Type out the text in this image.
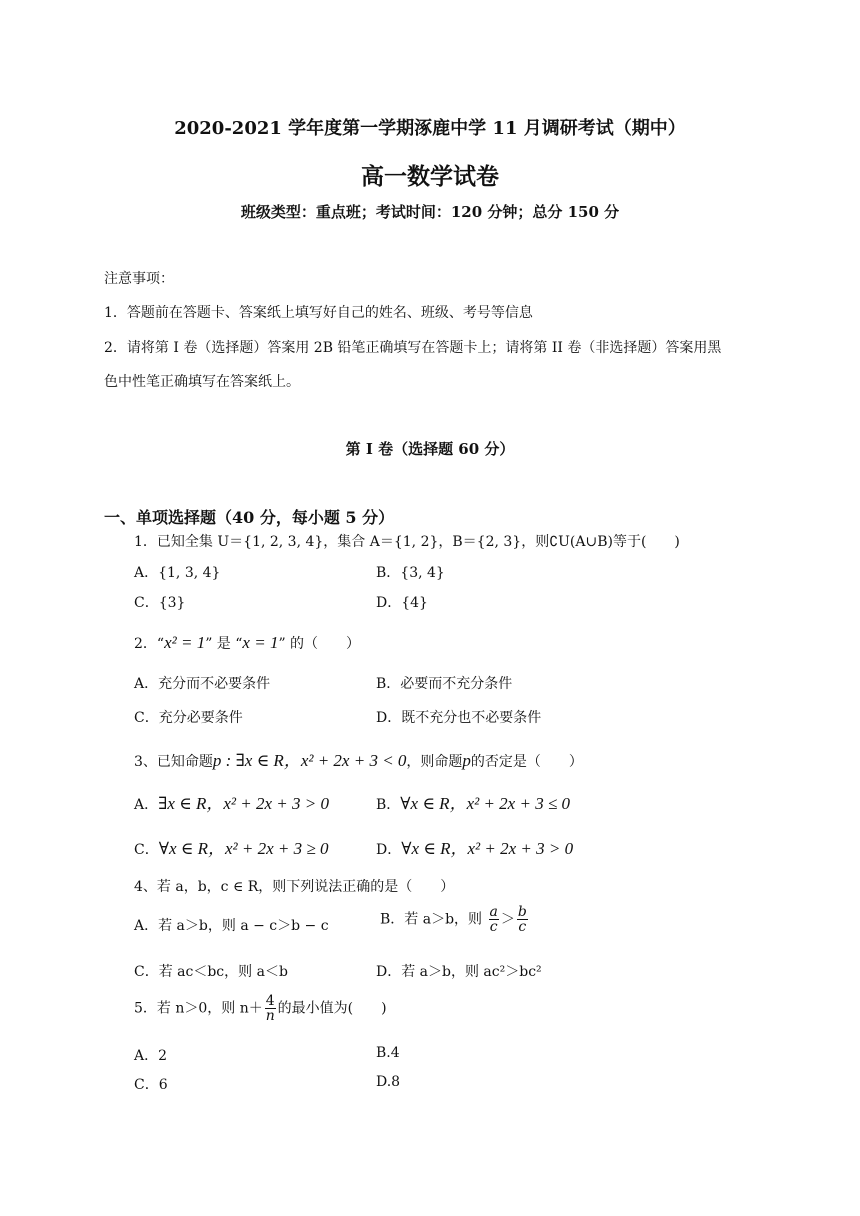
2020-2021 学年度第一学期涿鹿中学 11 月调研考试（期中）
高一数学试卷
班级类型：重点班；考试时间：120 分钟；总分 150 分
注意事项：
1．答题前在答题卡、答案纸上填写好自己的姓名、班级、考号等信息
2．请将第 I 卷（选择题）答案用 2B 铅笔正确填写在答题卡上；请将第 II 卷（非选择题）答案用黑
色中性笔正确填写在答案纸上。
第 I 卷（选择题 60 分）
一、单项选择题（40 分，每小题 5 分）
1．已知全集 U＝{1, 2, 3, 4}，集合 A＝{1, 2}，B＝{2, 3}，则∁U(A∪B)等于(　　)
A．{1, 3, 4}	B．{3, 4}
C．{3}	D．{4}
2．“x² = 1” 是 “x = 1” 的（　　）
A．充分而不必要条件	B．必要而不充分条件
C．充分必要条件	D．既不充分也不必要条件
3、已知命题p : ∃x ∈ R，x² + 2x + 3 < 0，则命题p的否定是（　　）
A．∃x ∈ R，x² + 2x + 3 > 0	B．∀x ∈ R，x² + 2x + 3 ≤ 0
C．∀x ∈ R，x² + 2x + 3 ≥ 0	D．∀x ∈ R，x² + 2x + 3 > 0
4、若 a，b，c ∈ R，则下列说法正确的是（　　）
A．若 a＞b，则 a − c＞b − c	B．若 a＞b，则 $\frac{a}{c} > \frac{b}{c}$
C．若 ac＜bc，则 a＜b	D．若 a＞b，则 ac²＞bc²
5．若 n＞0，则 $n+ \frac{4}{n}$ 的最小值为(　　)
A．2	B.4
C．6	D.8
